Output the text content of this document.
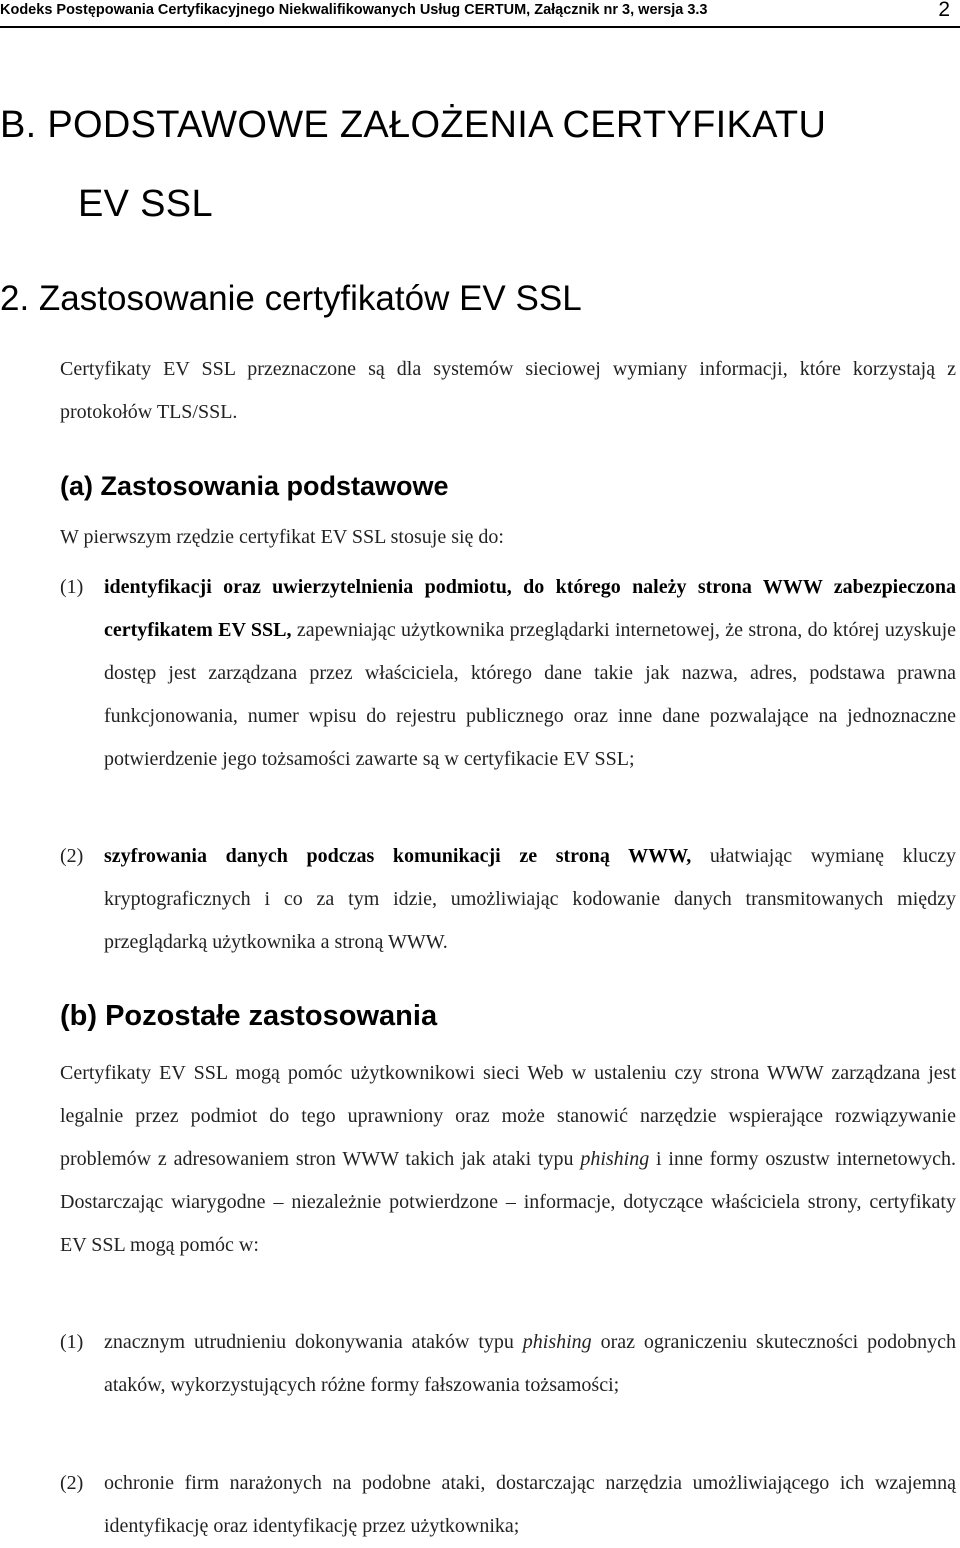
Kodeks Postępowania Certyfikacyjnego Niekwalifikowanych Usług CERTUM, Załącznik nr 3, wersja 3.3	2
B. PODSTAWOWE ZAŁOŻENIA CERTYFIKATU
EV SSL
2. Zastosowanie certyfikatów EV SSL

Certyfikaty EV SSL przeznaczone są dla systemów sieciowej wymiany informacji, które korzystają z protokołów TLS/SSL.

(a) Zastosowania podstawowe

W pierwszym rzędzie certyfikat EV SSL stosuje się do:

(1) identyfikacji oraz uwierzytelnienia podmiotu, do którego należy strona WWW zabezpieczona certyfikatem EV SSL, zapewniając użytkownika przeglądarki internetowej, że strona, do której uzyskuje dostęp jest zarządzana przez właściciela, którego dane takie jak nazwa, adres, podstawa prawna funkcjonowania, numer wpisu do rejestru publicznego oraz inne dane pozwalające na jednoznaczne potwierdzenie jego tożsamości zawarte są w certyfikacie EV SSL;
(2) szyfrowania danych podczas komunikacji ze stroną WWW, ułatwiając wymianę kluczy kryptograficznych i co za tym idzie, umożliwiając kodowanie danych transmitowanych między przeglądarką użytkownika a stroną WWW.
(b) Pozostałe zastosowania

Certyfikaty EV SSL mogą pomóc użytkownikowi sieci Web w ustaleniu czy strona WWW zarządzana jest legalnie przez podmiot do tego uprawniony oraz może stanowić narzędzie wspierające rozwiązywanie problemów z adresowaniem stron WWW takich jak ataki typu phishing i inne formy oszustw internetowych. Dostarczając wiarygodne – niezależnie potwierdzone – informacje, dotyczące właściciela strony, certyfikaty EV SSL mogą pomóc w:

(1) znacznym utrudnieniu dokonywania ataków typu phishing oraz ograniczeniu skuteczności podobnych ataków, wykorzystujących różne formy fałszowania tożsamości;
(2) ochronie firm narażonych na podobne ataki, dostarczając narzędzia umożliwiającego ich wzajemną identyfikację oraz identyfikację przez użytkownika;
